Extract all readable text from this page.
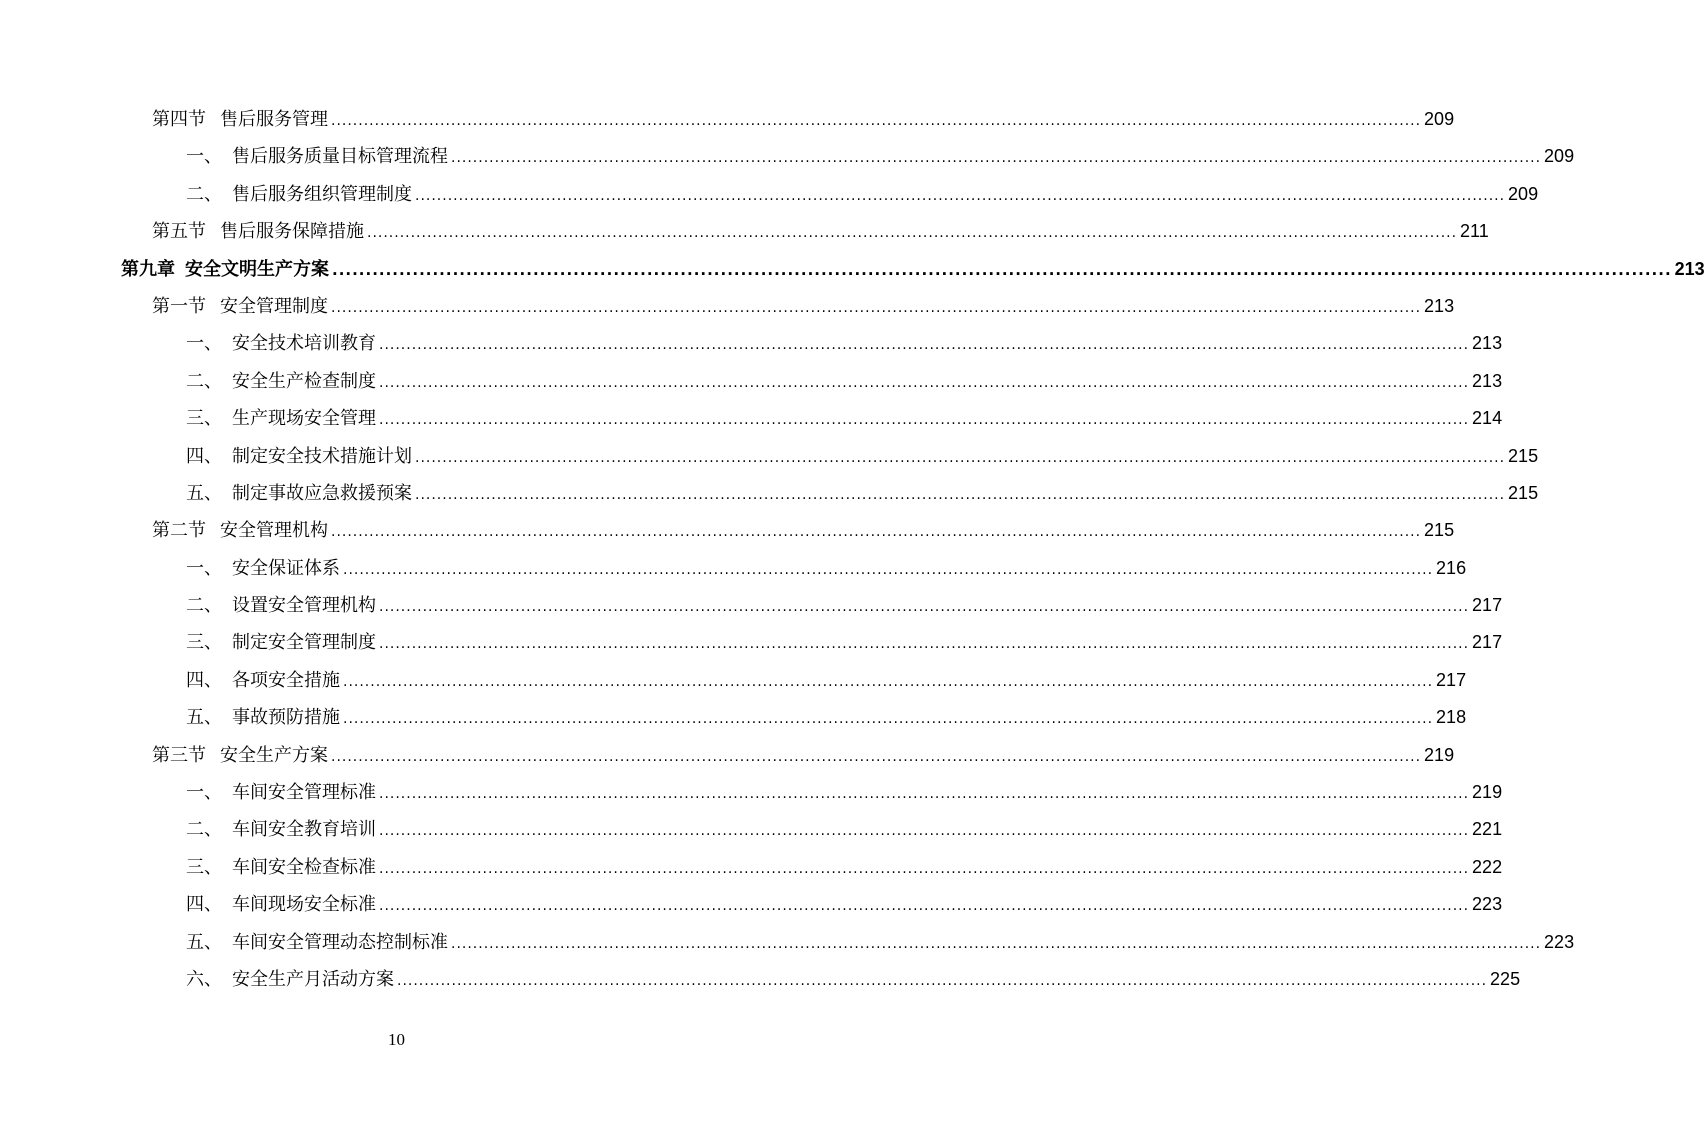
第四节 售后服务管理 ........................................................................................................................................................................................................ 209
一、 售后服务质量目标管理流程 ........................................................................................................................................................................................................ 209
二、 售后服务组织管理制度 ........................................................................................................................................................................................................ 209
第五节 售后服务保障措施 ........................................................................................................................................................................................................ 211
第九章 安全文明生产方案 ........................................................................................................................................................................................................ 213
第一节 安全管理制度 ........................................................................................................................................................................................................ 213
一、 安全技术培训教育 ........................................................................................................................................................................................................ 213
二、 安全生产检查制度 ........................................................................................................................................................................................................ 213
三、 生产现场安全管理 ........................................................................................................................................................................................................ 214
四、 制定安全技术措施计划 ........................................................................................................................................................................................................ 215
五、 制定事故应急救援预案 ........................................................................................................................................................................................................ 215
第二节 安全管理机构 ........................................................................................................................................................................................................ 215
一、 安全保证体系 ........................................................................................................................................................................................................ 216
二、 设置安全管理机构 ........................................................................................................................................................................................................ 217
三、 制定安全管理制度 ........................................................................................................................................................................................................ 217
四、 各项安全措施 ........................................................................................................................................................................................................ 217
五、 事故预防措施 ........................................................................................................................................................................................................ 218
第三节 安全生产方案 ........................................................................................................................................................................................................ 219
一、 车间安全管理标准 ........................................................................................................................................................................................................ 219
二、 车间安全教育培训 ........................................................................................................................................................................................................ 221
三、 车间安全检查标准 ........................................................................................................................................................................................................ 222
四、 车间现场安全标准 ........................................................................................................................................................................................................ 223
五、 车间安全管理动态控制标准 ........................................................................................................................................................................................................ 223
六、 安全生产月活动方案 ........................................................................................................................................................................................................ 225
10
